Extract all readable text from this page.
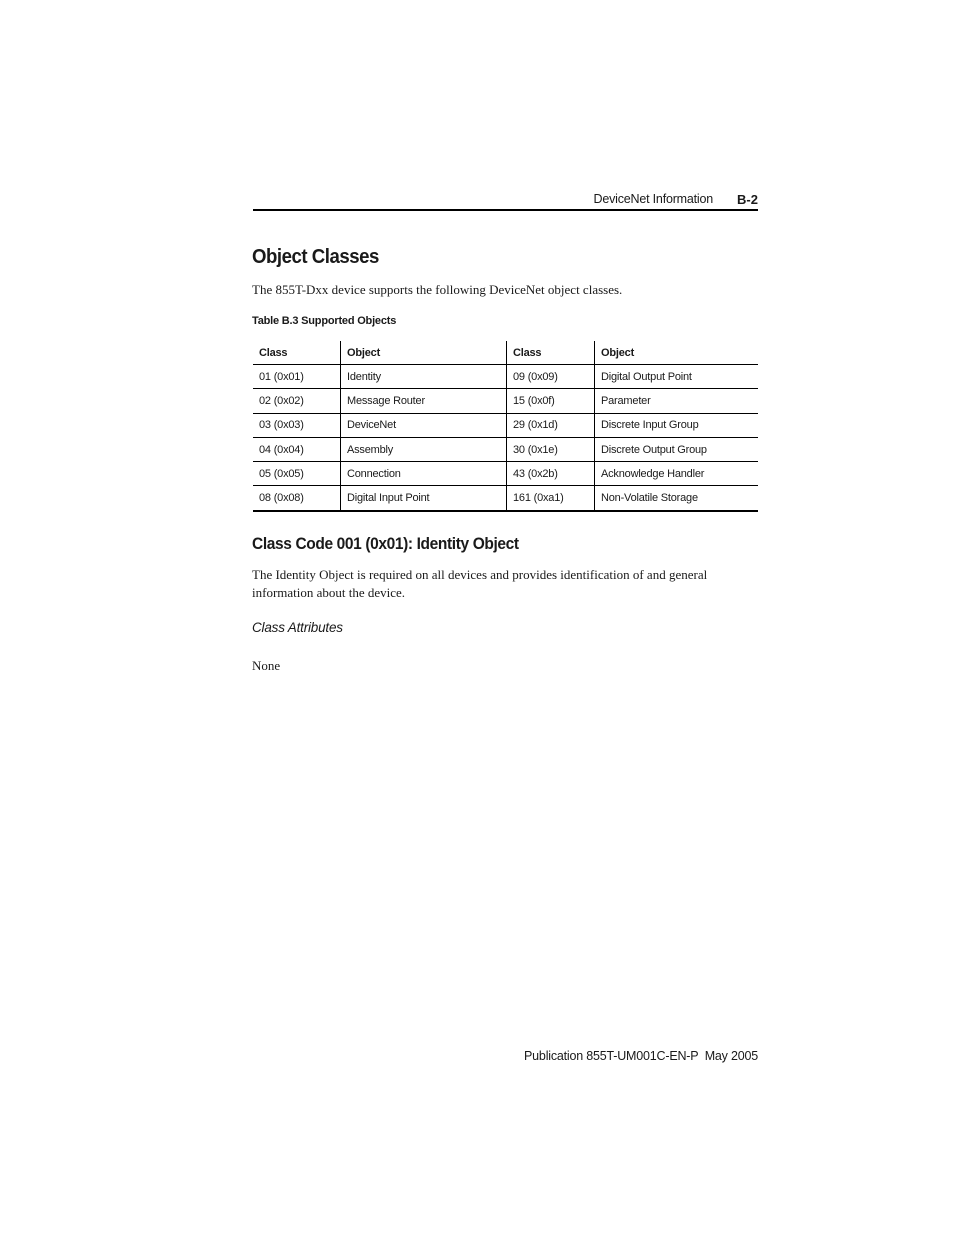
DeviceNet Information B-2
Object Classes
The 855T-Dxx device supports the following DeviceNet object classes.
Table B.3 Supported Objects
Class	Object	Class	Object
01 (0x01)	Identity	09 (0x09)	Digital Output Point
02 (0x02)	Message Router	15 (0x0f)	Parameter
03 (0x03)	DeviceNet	29 (0x1d)	Discrete Input Group
04 (0x04)	Assembly	30 (0x1e)	Discrete Output Group
05 (0x05)	Connection	43 (0x2b)	Acknowledge Handler
08 (0x08)	Digital Input Point	161 (0xa1)	Non-Volatile Storage
Class Code 001 (0x01): Identity Object
The Identity Object is required on all devices and provides identification of and general information about the device.
Class Attributes
None
Publication 855T-UM001C-EN-P  May 2005
